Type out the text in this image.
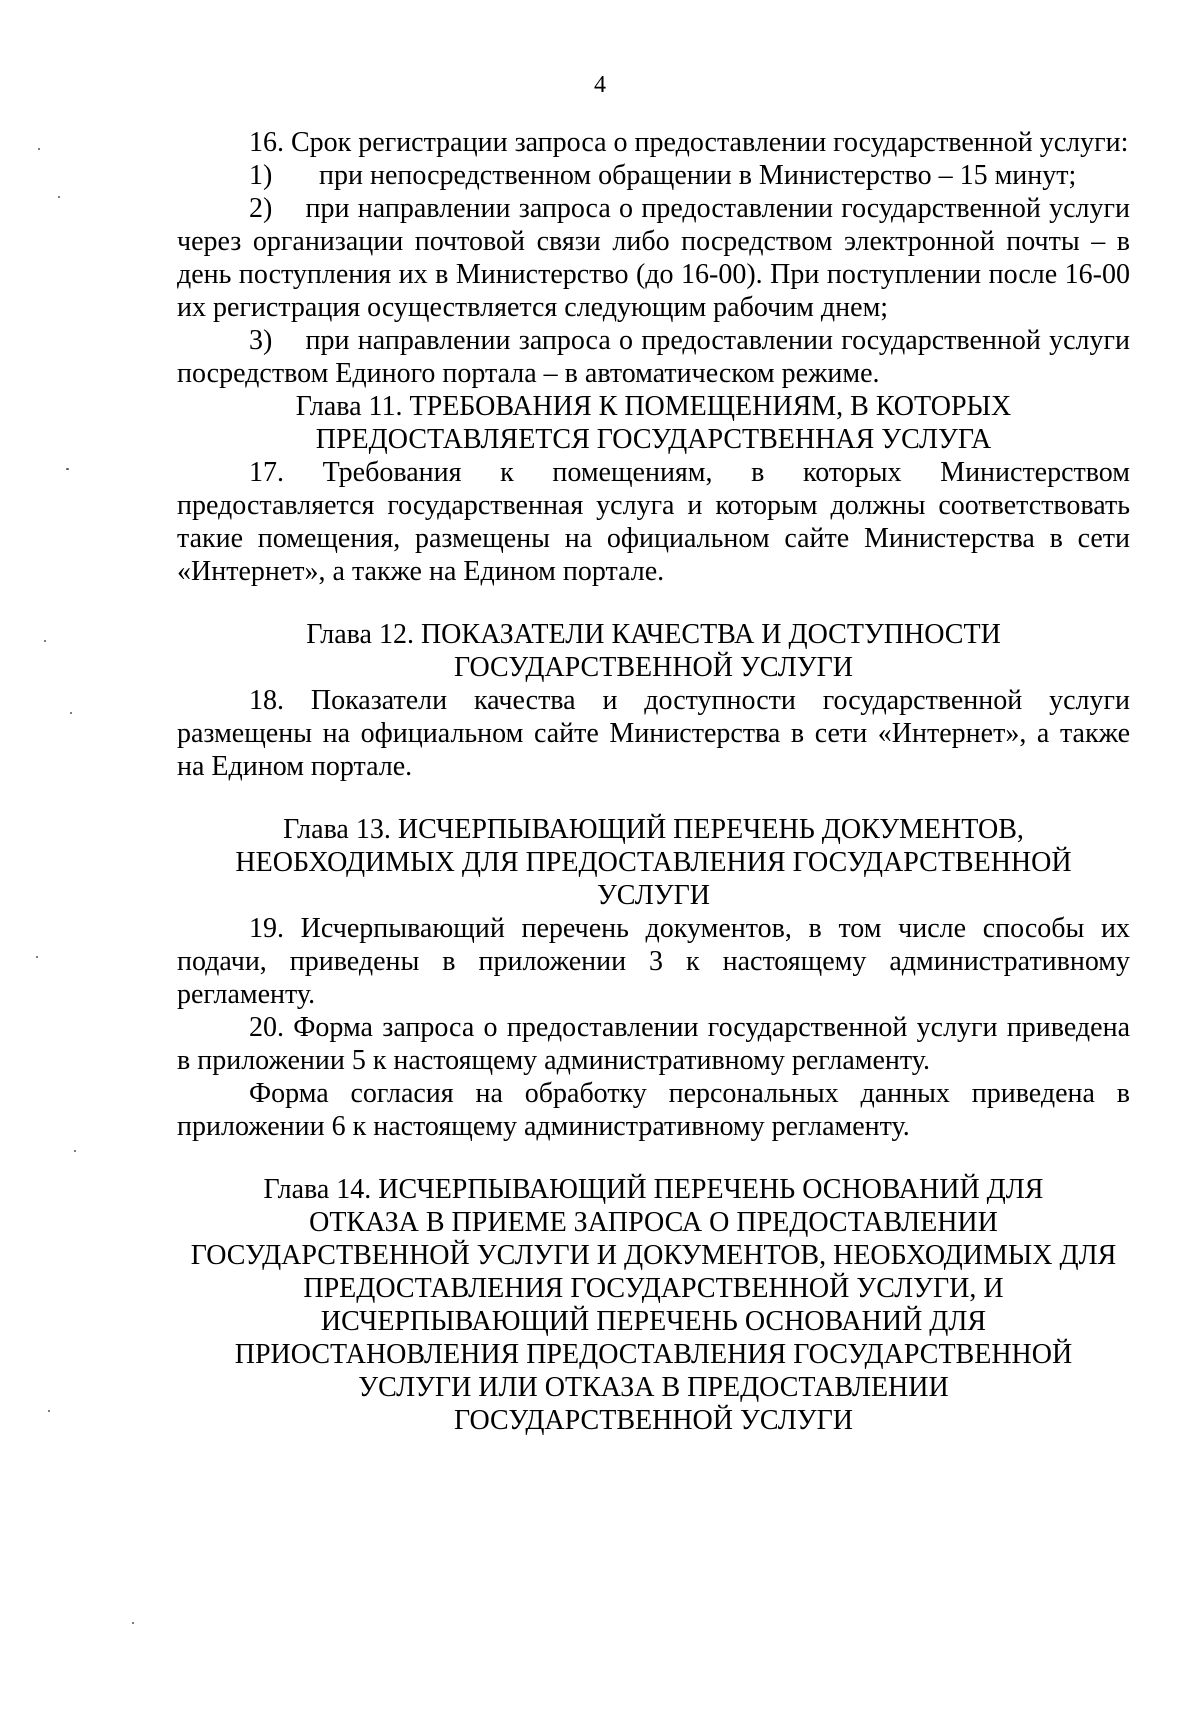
4

16. Срок регистрации запроса о предоставлении государственной услуги:

1)	при непосредственном обращении в Министерство – 15 минут;

2) при направлении запроса о предоставлении государственной услуги через организации почтовой связи либо посредством электронной почты – в день поступления их в Министерство (до 16-00). При поступлении после 16-00 их регистрация осуществляется следующим рабочим днем;

3) при направлении запроса о предоставлении государственной услуги посредством Единого портала – в автоматическом режиме.

Глава 11. ТРЕБОВАНИЯ К ПОМЕЩЕНИЯМ, В КОТОРЫХ
ПРЕДОСТАВЛЯЕТСЯ ГОСУДАРСТВЕННАЯ УСЛУГА

17. Требования к помещениям, в которых Министерством предоставляется государственная услуга и которым должны соответствовать такие помещения, размещены на официальном сайте Министерства в сети «Интернет», а также на Едином портале.

Глава 12. ПОКАЗАТЕЛИ КАЧЕСТВА И ДОСТУПНОСТИ
ГОСУДАРСТВЕННОЙ УСЛУГИ

18. Показатели качества и доступности государственной услуги размещены на официальном сайте Министерства в сети «Интернет», а также на Едином портале.

Глава 13. ИСЧЕРПЫВАЮЩИЙ ПЕРЕЧЕНЬ ДОКУМЕНТОВ,
НЕОБХОДИМЫХ ДЛЯ ПРЕДОСТАВЛЕНИЯ ГОСУДАРСТВЕННОЙ
УСЛУГИ

19. Исчерпывающий перечень документов, в том числе способы их подачи, приведены в приложении 3 к настоящему административному регламенту.

20. Форма запроса о предоставлении государственной услуги приведена в приложении 5 к настоящему административному регламенту.

Форма согласия на обработку персональных данных приведена в приложении 6 к настоящему административному регламенту.

Глава 14. ИСЧЕРПЫВАЮЩИЙ ПЕРЕЧЕНЬ ОСНОВАНИЙ ДЛЯ
ОТКАЗА В ПРИЕМЕ ЗАПРОСА О ПРЕДОСТАВЛЕНИИ
ГОСУДАРСТВЕННОЙ УСЛУГИ И ДОКУМЕНТОВ, НЕОБХОДИМЫХ ДЛЯ
ПРЕДОСТАВЛЕНИЯ ГОСУДАРСТВЕННОЙ УСЛУГИ, И
ИСЧЕРПЫВАЮЩИЙ ПЕРЕЧЕНЬ ОСНОВАНИЙ ДЛЯ
ПРИОСТАНОВЛЕНИЯ ПРЕДОСТАВЛЕНИЯ ГОСУДАРСТВЕННОЙ
УСЛУГИ ИЛИ ОТКАЗА В ПРЕДОСТАВЛЕНИИ
ГОСУДАРСТВЕННОЙ УСЛУГИ
